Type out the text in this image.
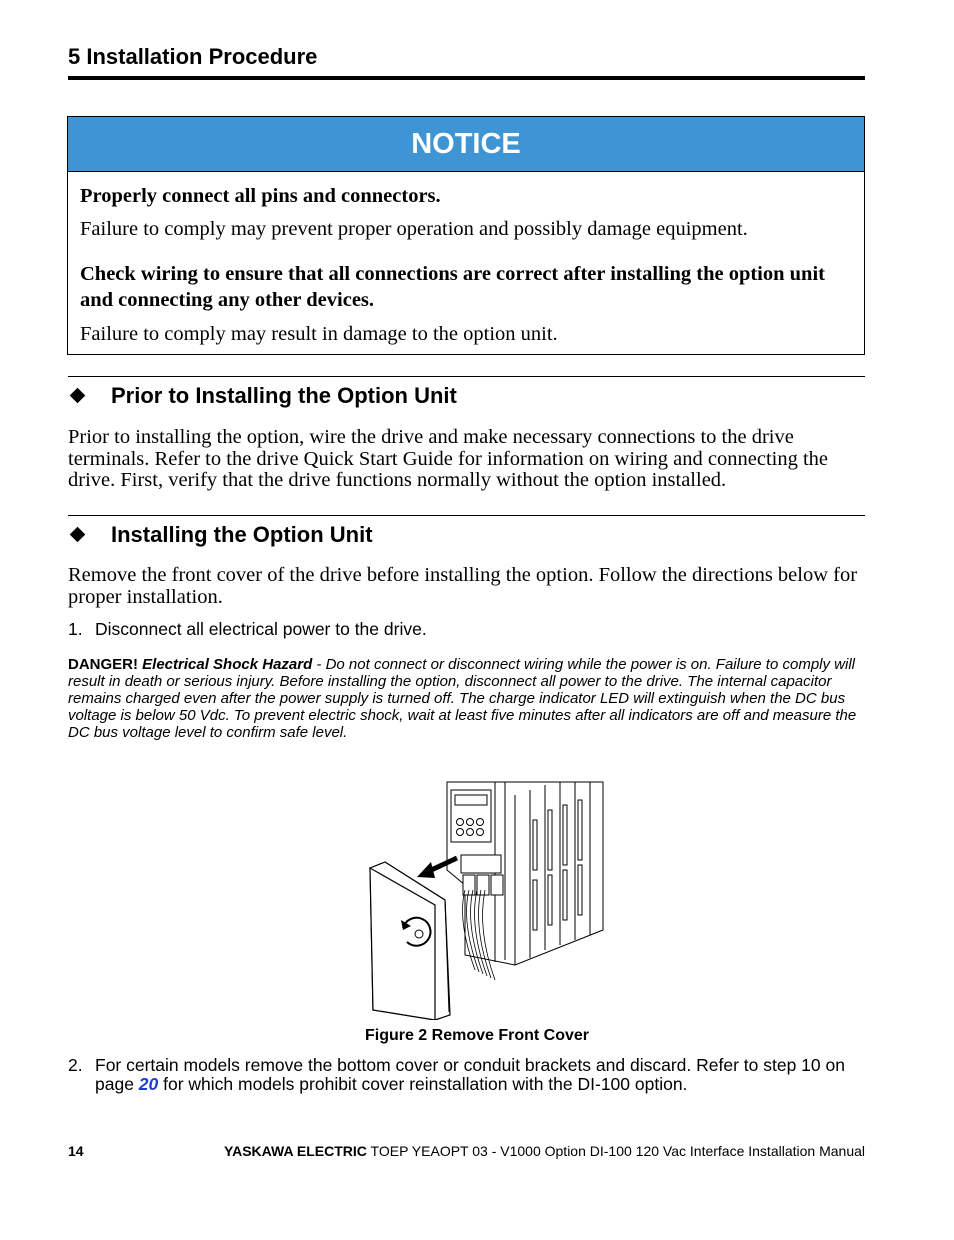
5 Installation Procedure
NOTICE
Properly connect all pins and connectors.
Failure to comply may prevent proper operation and possibly damage equipment.
Check wiring to ensure that all connections are correct after installing the option unit and connecting any other devices.
Failure to comply may result in damage to the option unit.
Prior to Installing the Option Unit
Prior to installing the option, wire the drive and make necessary connections to the drive terminals. Refer to the drive Quick Start Guide for information on wiring and connecting the drive. First, verify that the drive functions normally without the option installed.
Installing the Option Unit
Remove the front cover of the drive before installing the option. Follow the directions below for proper installation.
1. Disconnect all electrical power to the drive.
DANGER! Electrical Shock Hazard - Do not connect or disconnect wiring while the power is on. Failure to comply will result in death or serious injury. Before installing the option, disconnect all power to the drive. The internal capacitor remains charged even after the power supply is turned off. The charge indicator LED will extinguish when the DC bus voltage is below 50 Vdc. To prevent electric shock, wait at least five minutes after all indicators are off and measure the DC bus voltage level to confirm safe level.
Figure 2 Remove Front Cover
2. For certain models remove the bottom cover or conduit brackets and discard. Refer to step 10 on page 20 for which models prohibit cover reinstallation with the DI-100 option.
14	YASKAWA ELECTRIC TOEP YEAOPT 03 - V1000 Option DI-100 120 Vac Interface Installation Manual
